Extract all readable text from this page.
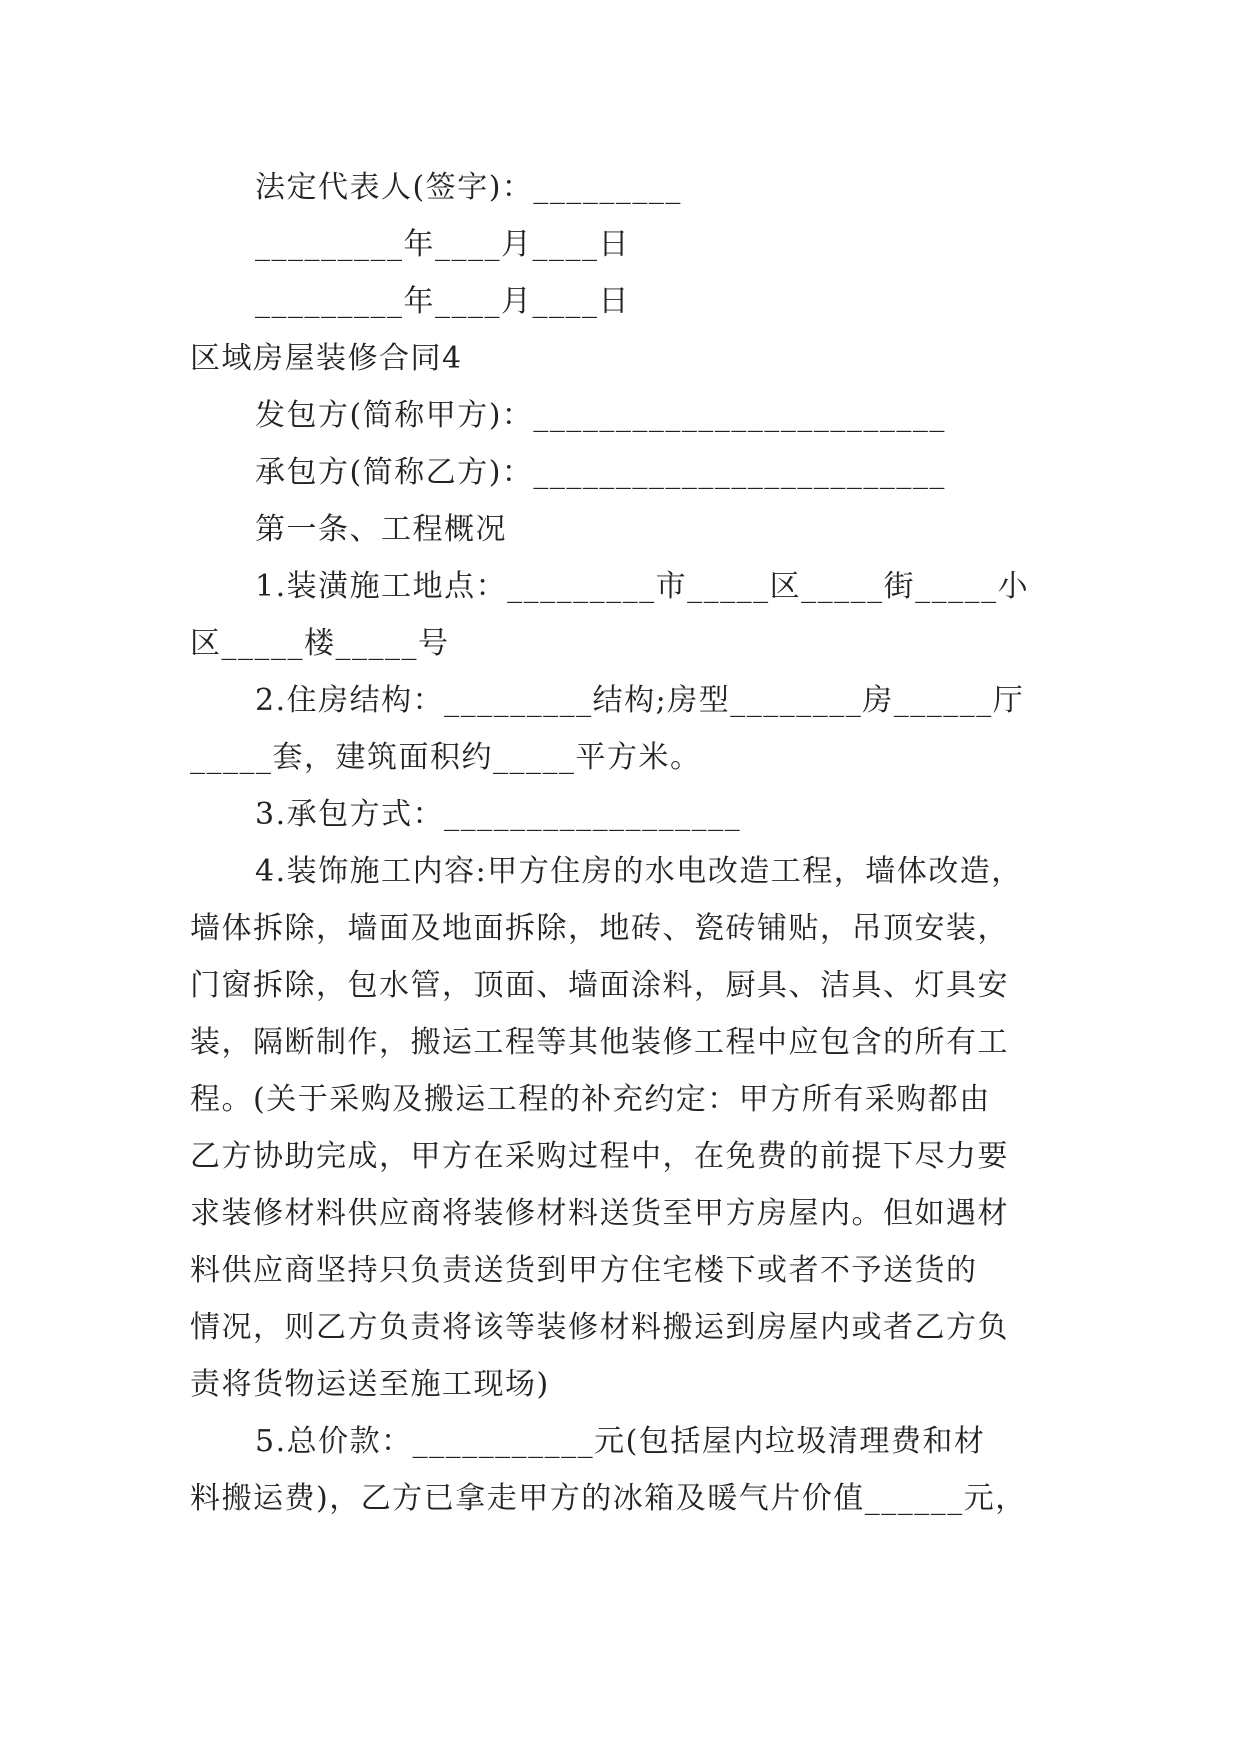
法定代表人(签字)：_________
_________年____月____日
_________年____月____日
区域房屋装修合同4
发包方(简称甲方)：_________________________
承包方(简称乙方)：_________________________
第一条、工程概况
1.装潢施工地点：_________市_____区_____街_____小
区_____楼_____号
2.住房结构：_________结构;房型________房______厅
_____套，建筑面积约_____平方米。
3.承包方式：__________________
4.装饰施工内容:甲方住房的水电改造工程，墙体改造，
墙体拆除，墙面及地面拆除，地砖、瓷砖铺贴，吊顶安装，
门窗拆除，包水管，顶面、墙面涂料，厨具、洁具、灯具安
装，隔断制作，搬运工程等其他装修工程中应包含的所有工
程。(关于采购及搬运工程的补充约定：甲方所有采购都由
乙方协助完成，甲方在采购过程中，在免费的前提下尽力要
求装修材料供应商将装修材料送货至甲方房屋内。但如遇材
料供应商坚持只负责送货到甲方住宅楼下或者不予送货的
情况，则乙方负责将该等装修材料搬运到房屋内或者乙方负
责将货物运送至施工现场)
5.总价款：___________元(包括屋内垃圾清理费和材
料搬运费)，乙方已拿走甲方的冰箱及暖气片价值______元，
